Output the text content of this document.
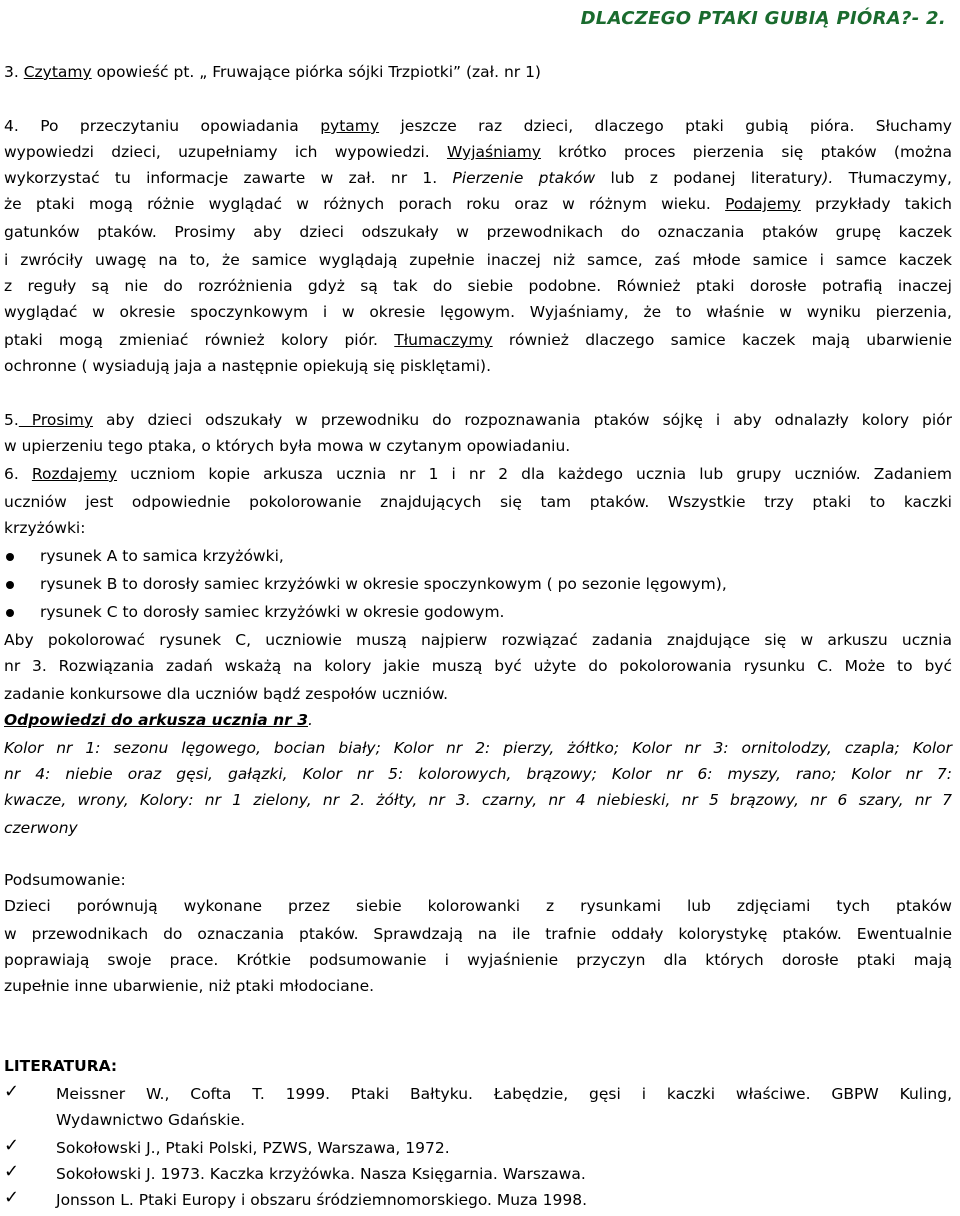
DLACZEGO PTAKI GUBIĄ PIÓRA?- 2.
3. Czytamy opowieść pt. „ Fruwające piórka sójki Trzpiotki” (zał. nr 1)
4. Po przeczytaniu opowiadania pytamy jeszcze raz dzieci, dlaczego ptaki gubią pióra. Słuchamy
wypowiedzi dzieci, uzupełniamy ich wypowiedzi. Wyjaśniamy krótko proces pierzenia się ptaków (można
wykorzystać tu informacje zawarte w zał. nr 1. Pierzenie ptaków lub z podanej literatury). Tłumaczymy,
że ptaki mogą różnie wyglądać w różnych porach roku oraz w różnym wieku. Podajemy przykłady takich
gatunków ptaków. Prosimy aby dzieci odszukały w przewodnikach do oznaczania ptaków grupę kaczek
i zwróciły uwagę na to, że samice wyglądają zupełnie inaczej niż samce, zaś młode samice i samce kaczek
z reguły są nie do rozróżnienia gdyż są tak do siebie podobne. Również ptaki dorosłe potrafią inaczej
wyglądać w okresie spoczynkowym i w okresie lęgowym. Wyjaśniamy, że to właśnie w wyniku pierzenia,
ptaki mogą zmieniać również kolory piór. Tłumaczymy również dlaczego samice kaczek mają ubarwienie
ochronne ( wysiadują jaja a następnie opiekują się pisklętami).
5. Prosimy aby dzieci odszukały w przewodniku do rozpoznawania ptaków sójkę i aby odnalazły kolory piór
w upierzeniu tego ptaka, o których była mowa w czytanym opowiadaniu.
6. Rozdajemy uczniom kopie arkusza ucznia nr 1 i nr 2 dla każdego ucznia lub grupy uczniów. Zadaniem
uczniów jest odpowiednie pokolorowanie znajdujących się tam ptaków. Wszystkie trzy ptaki to kaczki
krzyżówki:
rysunek A to samica krzyżówki,
rysunek B to dorosły samiec krzyżówki w okresie spoczynkowym ( po sezonie lęgowym),
rysunek C to dorosły samiec krzyżówki w okresie godowym.
Aby pokolorować rysunek C, uczniowie muszą najpierw rozwiązać zadania znajdujące się w arkuszu ucznia
nr 3. Rozwiązania zadań wskażą na kolory jakie muszą być użyte do pokolorowania rysunku C. Może to być
zadanie konkursowe dla uczniów bądź zespołów uczniów.
Odpowiedzi do arkusza ucznia nr 3.
Kolor nr 1: sezonu lęgowego, bocian biały; Kolor nr 2: pierzy, żółtko; Kolor nr 3: ornitolodzy, czapla; Kolor
nr 4: niebie oraz gęsi, gałązki, Kolor nr 5: kolorowych, brązowy; Kolor nr 6: myszy, rano; Kolor nr 7:
kwacze, wrony, Kolory: nr 1 zielony, nr 2. żółty, nr 3. czarny, nr 4 niebieski, nr 5 brązowy, nr 6 szary, nr 7
czerwony
Podsumowanie:
Dzieci porównują wykonane przez siebie kolorowanki z rysunkami lub zdjęciami tych ptaków
w przewodnikach do oznaczania ptaków. Sprawdzają na ile trafnie oddały kolorystykę ptaków. Ewentualnie
poprawiają swoje prace. Krótkie podsumowanie i wyjaśnienie przyczyn dla których dorosłe ptaki mają
zupełnie inne ubarwienie, niż ptaki młodociane.
LITERATURA:
✓ Meissner W., Cofta T. 1999. Ptaki Bałtyku. Łabędzie, gęsi i kaczki właściwe. GBPW Kuling,
Wydawnictwo Gdańskie.
✓ Sokołowski J., Ptaki Polski, PZWS, Warszawa, 1972.
✓ Sokołowski J. 1973. Kaczka krzyżówka. Nasza Księgarnia. Warszawa.
✓ Jonsson L. Ptaki Europy i obszaru śródziemnomorskiego. Muza 1998.
